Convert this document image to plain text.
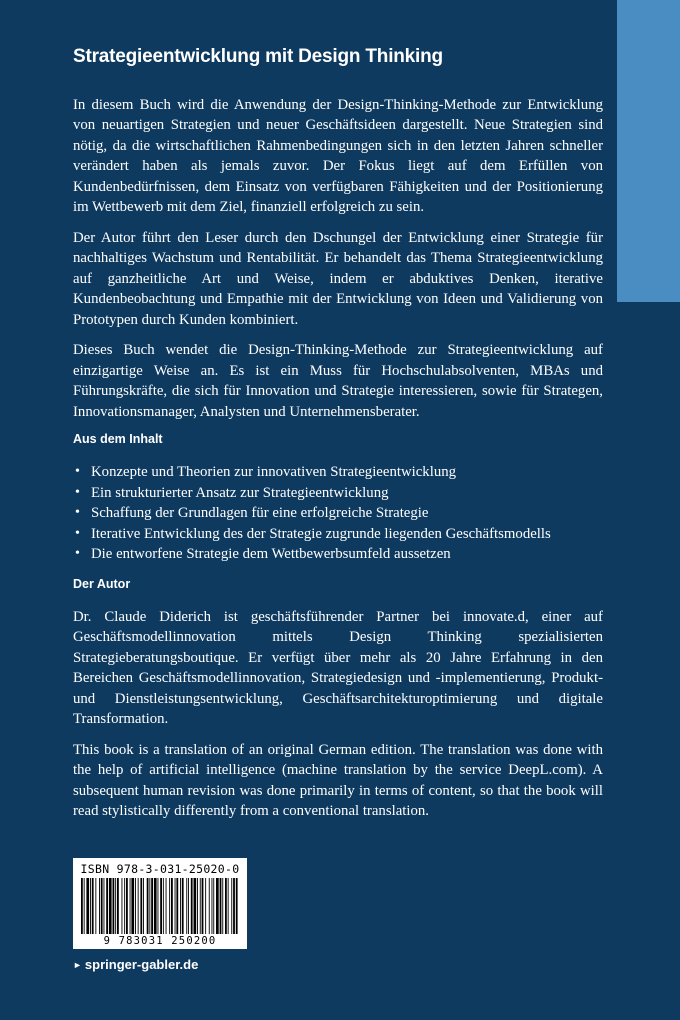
Strategieentwicklung mit Design Thinking

In diesem Buch wird die Anwendung der Design-Thinking-Methode zur Entwicklung von neuartigen Strategien und neuer Geschäftsideen dargestellt. Neue Strategien sind nötig, da die wirtschaftlichen Rahmenbedingungen sich in den letzten Jahren schneller verändert haben als jemals zuvor. Der Fokus liegt auf dem Erfüllen von Kundenbedürfnissen, dem Einsatz von verfügbaren Fähigkeiten und der Positionierung im Wettbewerb mit dem Ziel, finanziell erfolgreich zu sein.

Der Autor führt den Leser durch den Dschungel der Entwicklung einer Strategie für nachhaltiges Wachstum und Rentabilität. Er behandelt das Thema Strategieentwicklung auf ganzheitliche Art und Weise, indem er abduktives Denken, iterative Kundenbeobachtung und Empathie mit der Entwicklung von Ideen und Validierung von Prototypen durch Kunden kombiniert.

Dieses Buch wendet die Design-Thinking-Methode zur Strategieentwicklung auf einzigartige Weise an. Es ist ein Muss für Hochschulabsolventen, MBAs und Führungskräfte, die sich für Innovation und Strategie interessieren, sowie für Strategen, Innovationsmanager, Analysten und Unternehmensberater.

Aus dem Inhalt
• Konzepte und Theorien zur innovativen Strategieentwicklung
• Ein strukturierter Ansatz zur Strategieentwicklung
• Schaffung der Grundlagen für eine erfolgreiche Strategie
• Iterative Entwicklung des der Strategie zugrunde liegenden Geschäftsmodells
• Die entworfene Strategie dem Wettbewerbsumfeld aussetzen
Der Autor

Dr. Claude Diderich ist geschäftsführender Partner bei innovate.d, einer auf Geschäftsmodellinnovation mittels Design Thinking spezialisierten Strategieberatungsboutique. Er verfügt über mehr als 20 Jahre Erfahrung in den Bereichen Geschäftsmodellinnovation, Strategiedesign und -implementierung, Produkt- und Dienstleistungsentwicklung, Geschäftsarchitekturoptimierung und digitale Transformation.

This book is a translation of an original German edition. The translation was done with the help of artificial intelligence (machine translation by the service DeepL.com). A subsequent human revision was done primarily in terms of content, so that the book will read stylistically differently from a conventional translation.

ISBN 978-3-031-25020-0
9 783031 250200
► springer-gabler.de
